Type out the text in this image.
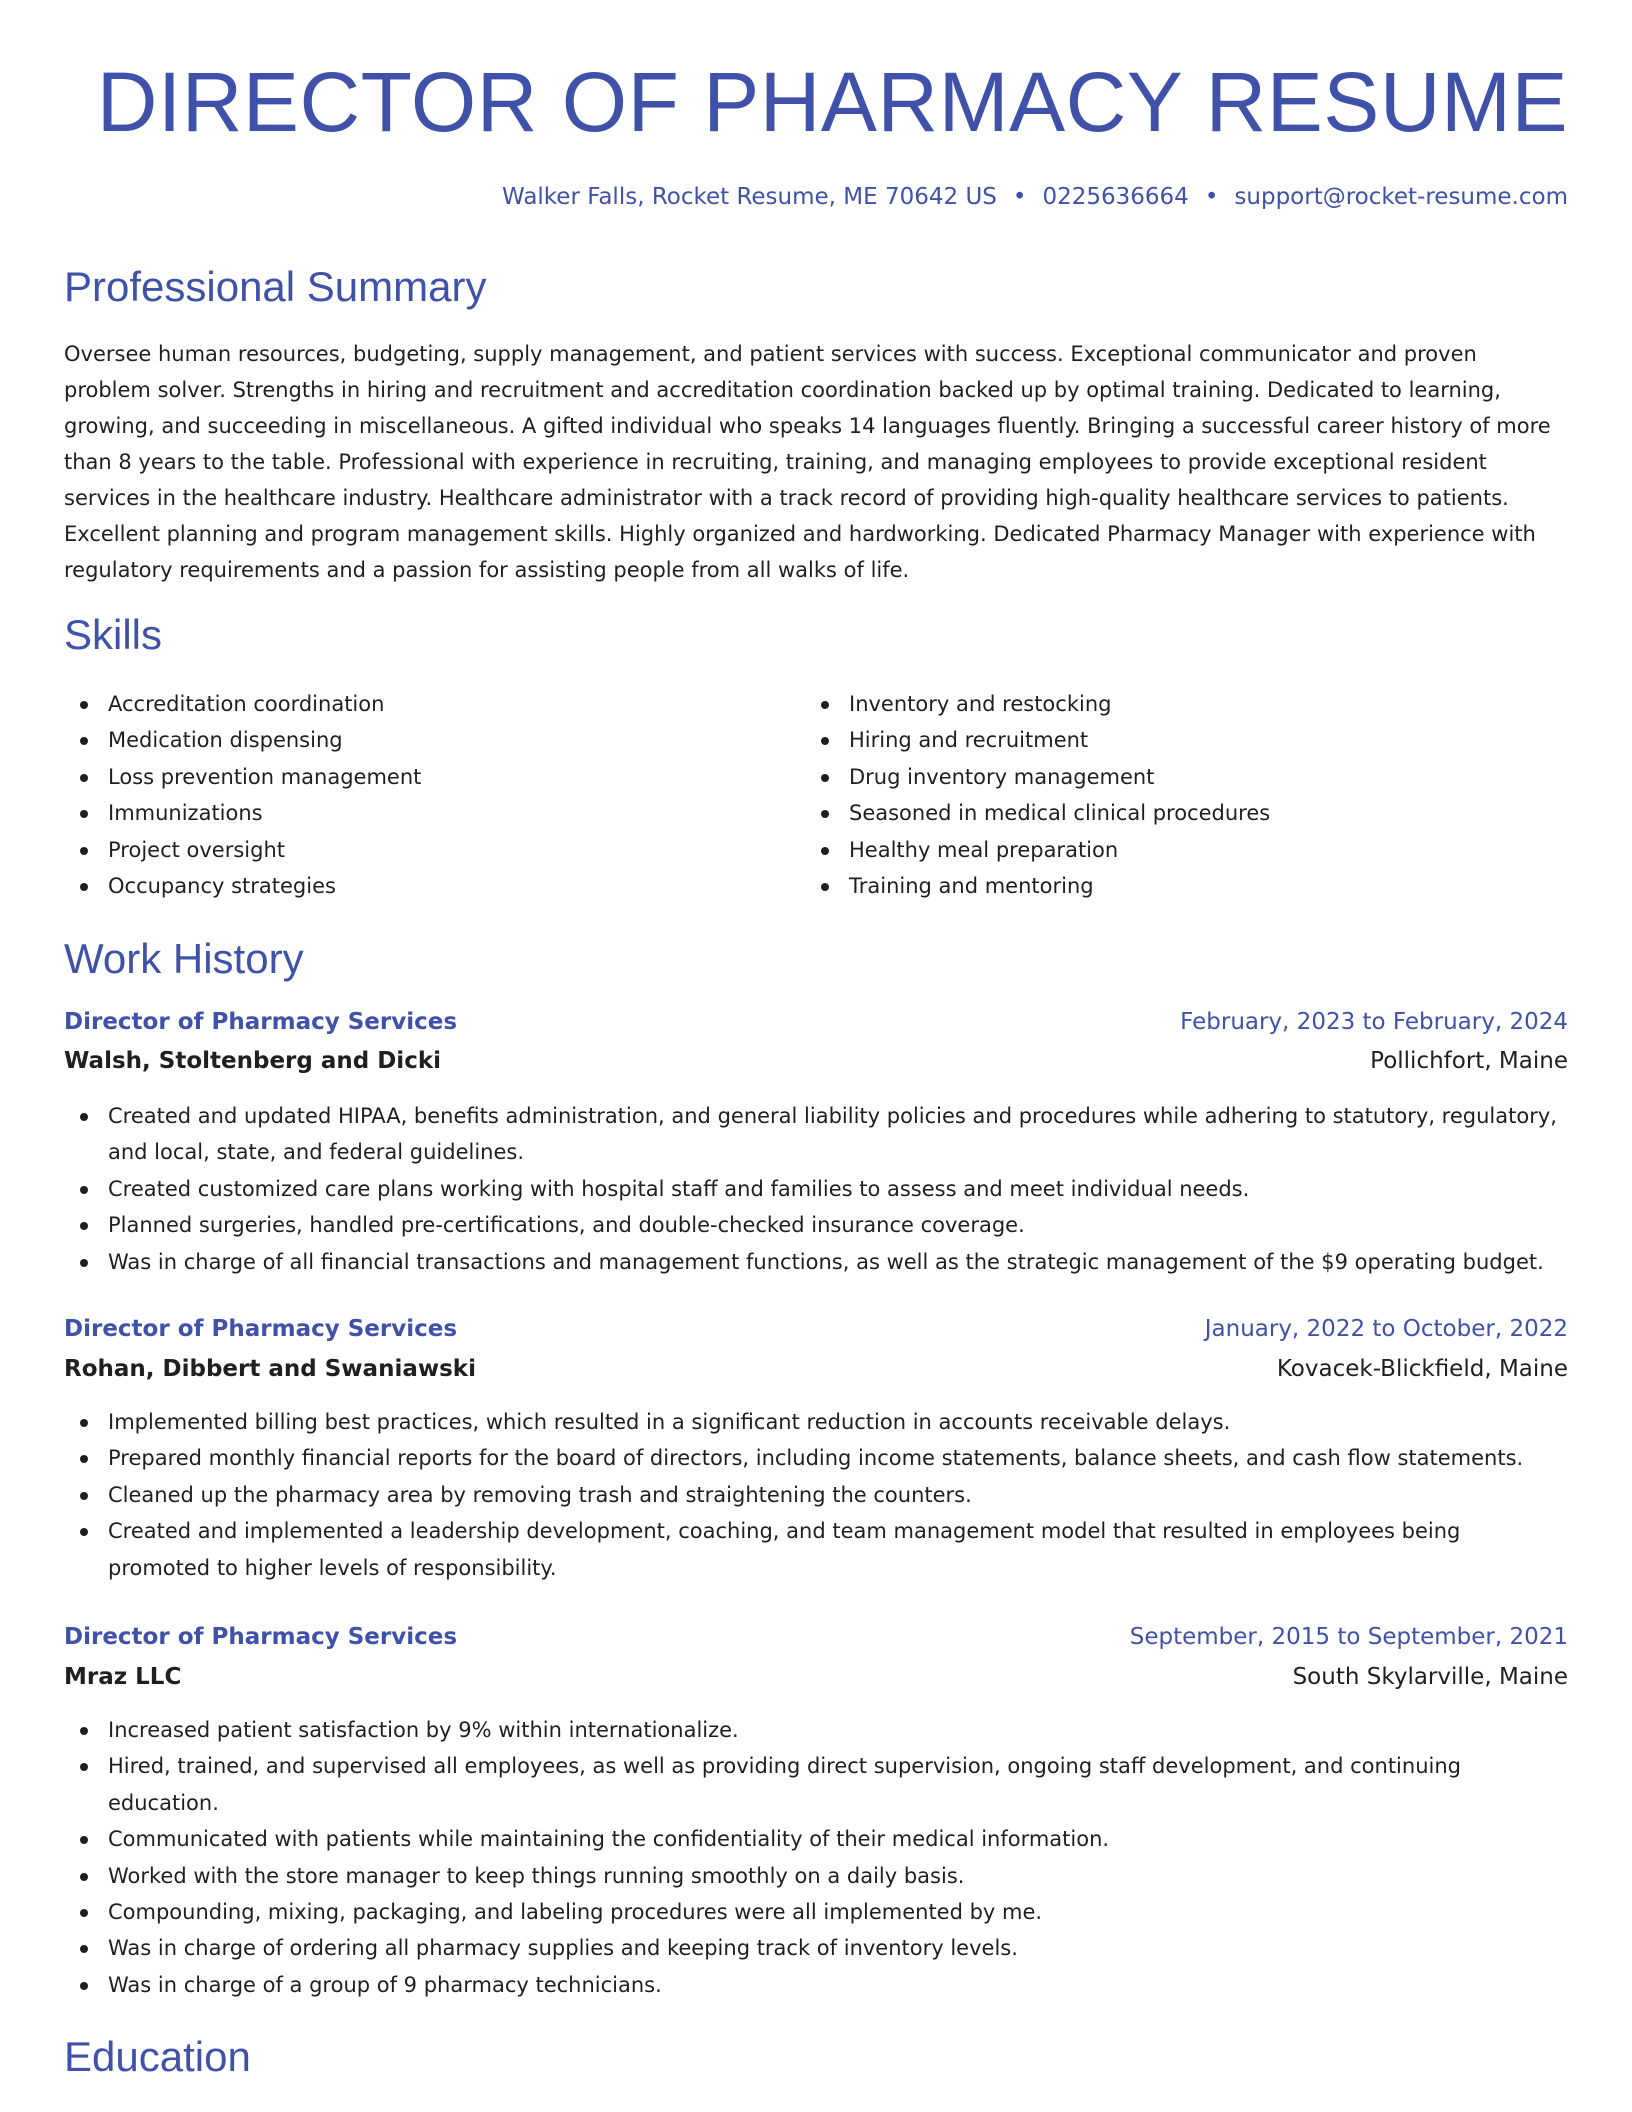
DIRECTOR OF PHARMACY RESUME
Walker Falls, Rocket Resume, ME 70642 US • 0225636664 • support@rocket-resume.com
Professional Summary

Oversee human resources, budgeting, supply management, and patient services with success. Exceptional communicator and proven problem solver. Strengths in hiring and recruitment and accreditation coordination backed up by optimal training. Dedicated to learning, growing, and succeeding in miscellaneous. A gifted individual who speaks 14 languages fluently. Bringing a successful career history of more than 8 years to the table. Professional with experience in recruiting, training, and managing employees to provide exceptional resident services in the healthcare industry. Healthcare administrator with a track record of providing high-quality healthcare services to patients. Excellent planning and program management skills. Highly organized and hardworking. Dedicated Pharmacy Manager with experience with regulatory requirements and a passion for assisting people from all walks of life.

Skills
Accreditation coordination
Medication dispensing
Loss prevention management
Immunizations
Project oversight
Occupancy strategies
Inventory and restocking
Hiring and recruitment
Drug inventory management
Seasoned in medical clinical procedures
Healthy meal preparation
Training and mentoring
Work History
Director of Pharmacy Services	February, 2023 to February, 2024
Walsh, Stoltenberg and Dicki	Pollichfort, Maine
Created and updated HIPAA, benefits administration, and general liability policies and procedures while adhering to statutory, regulatory, and local, state, and federal guidelines.
Created customized care plans working with hospital staff and families to assess and meet individual needs.
Planned surgeries, handled pre-certifications, and double-checked insurance coverage.
Was in charge of all financial transactions and management functions, as well as the strategic management of the $9 operating budget.
Director of Pharmacy Services	January, 2022 to October, 2022
Rohan, Dibbert and Swaniawski	Kovacek-Blickfield, Maine
Implemented billing best practices, which resulted in a significant reduction in accounts receivable delays.
Prepared monthly financial reports for the board of directors, including income statements, balance sheets, and cash flow statements.
Cleaned up the pharmacy area by removing trash and straightening the counters.
Created and implemented a leadership development, coaching, and team management model that resulted in employees being promoted to higher levels of responsibility.
Director of Pharmacy Services	September, 2015 to September, 2021
Mraz LLC	South Skylarville, Maine
Increased patient satisfaction by 9% within internationalize.
Hired, trained, and supervised all employees, as well as providing direct supervision, ongoing staff development, and continuing education.
Communicated with patients while maintaining the confidentiality of their medical information.
Worked with the store manager to keep things running smoothly on a daily basis.
Compounding, mixing, packaging, and labeling procedures were all implemented by me.
Was in charge of ordering all pharmacy supplies and keeping track of inventory levels.
Was in charge of a group of 9 pharmacy technicians.
Education
